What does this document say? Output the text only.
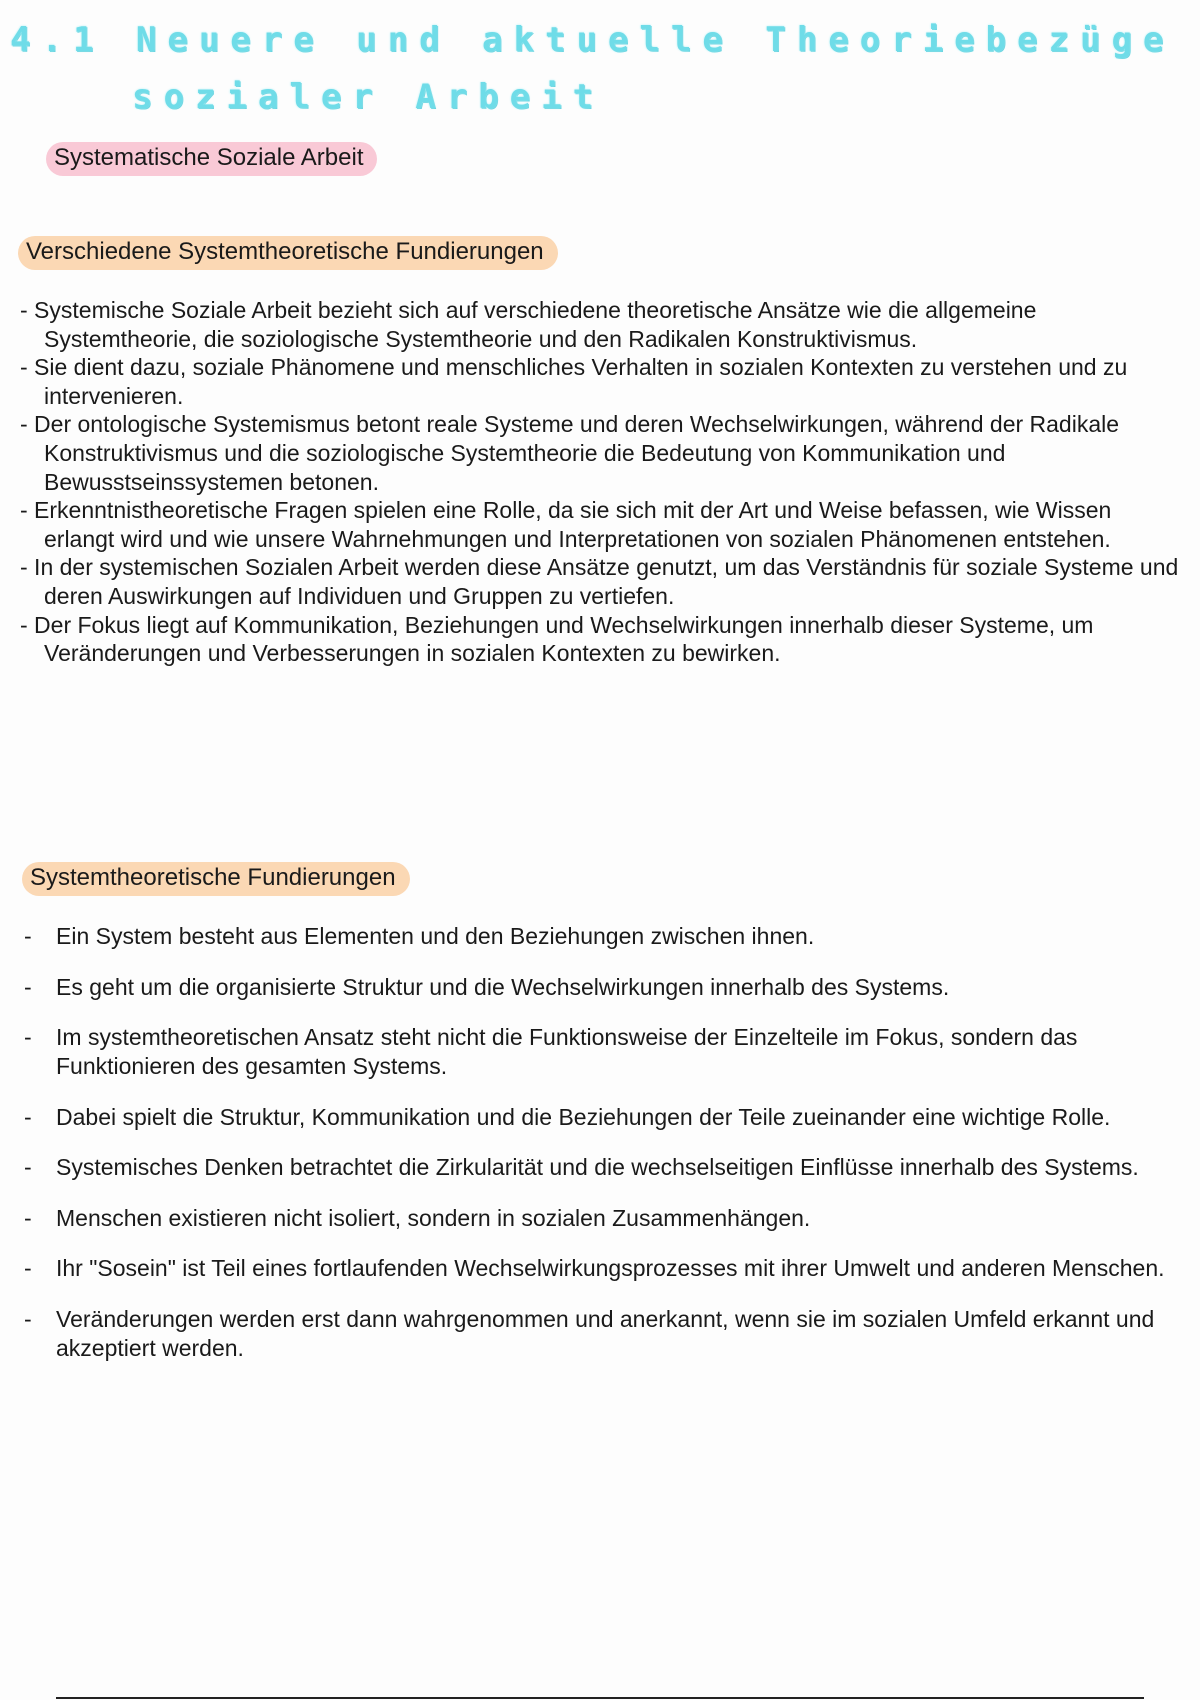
4.1 Neuere und aktuelle Theoriebezüge
sozialer Arbeit
Systematische Soziale Arbeit
Verschiedene Systemtheoretische Fundierungen

- Systemische Soziale Arbeit bezieht sich auf verschiedene theoretische Ansätze wie die allgemeine Systemtheorie, die soziologische Systemtheorie und den Radikalen Konstruktivismus.

- Sie dient dazu, soziale Phänomene und menschliches Verhalten in sozialen Kontexten zu verstehen und zu intervenieren.

- Der ontologische Systemismus betont reale Systeme und deren Wechselwirkungen, während der Radikale Konstruktivismus und die soziologische Systemtheorie die Bedeutung von Kommunikation und Bewusstseinssystemen betonen.

- Erkenntnistheoretische Fragen spielen eine Rolle, da sie sich mit der Art und Weise befassen, wie Wissen erlangt wird und wie unsere Wahrnehmungen und Interpretationen von sozialen Phänomenen entstehen.

- In der systemischen Sozialen Arbeit werden diese Ansätze genutzt, um das Verständnis für soziale Systeme und deren Auswirkungen auf Individuen und Gruppen zu vertiefen.

- Der Fokus liegt auf Kommunikation, Beziehungen und Wechselwirkungen innerhalb dieser Systeme, um Veränderungen und Verbesserungen in sozialen Kontexten zu bewirken.

Systemtheoretische Fundierungen

- Ein System besteht aus Elementen und den Beziehungen zwischen ihnen.

- Es geht um die organisierte Struktur und die Wechselwirkungen innerhalb des Systems.

- Im systemtheoretischen Ansatz steht nicht die Funktionsweise der Einzelteile im Fokus, sondern das Funktionieren des gesamten Systems.

- Dabei spielt die Struktur, Kommunikation und die Beziehungen der Teile zueinander eine wichtige Rolle.

- Systemisches Denken betrachtet die Zirkularität und die wechselseitigen Einflüsse innerhalb des Systems.

- Menschen existieren nicht isoliert, sondern in sozialen Zusammenhängen.

- Ihr "Sosein" ist Teil eines fortlaufenden Wechselwirkungsprozesses mit ihrer Umwelt und anderen Menschen.

- Veränderungen werden erst dann wahrgenommen und anerkannt, wenn sie im sozialen Umfeld erkannt und akzeptiert werden.
